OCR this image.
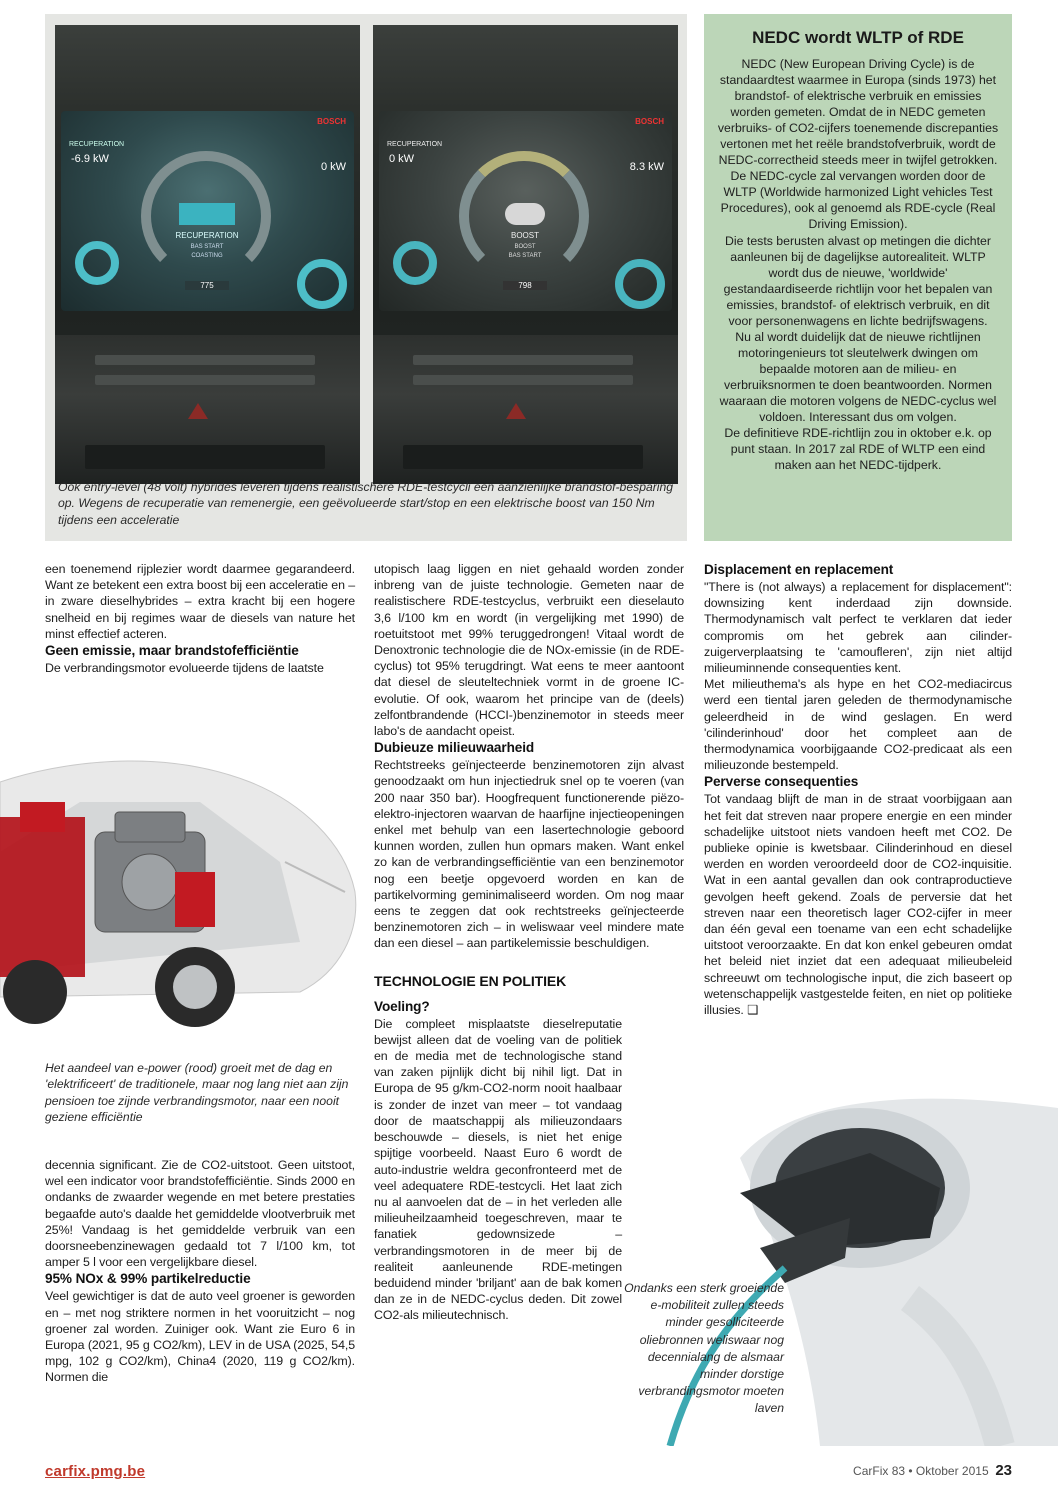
RECUPERATION
-6.9 kW
0 kW
BOSCH
RECUPERATION
BAS START
COASTING
775
RECUPERATION
0 kW
8.3 kW
BOSCH
BOOST
BOOST
BAS START
798
Ook entry-level (48 volt) hybrides leveren tijdens realistischere RDE-testcycli een aanzienlijke brandstof-besparing op. Wegens de recuperatie van remenergie, een geëvolueerde start/stop en een elektrische boost van 150 Nm tijdens een acceleratie
NEDC wordt WLTP of RDE

NEDC (New European Driving Cycle) is de standaardtest waarmee in Europa (sinds 1973) het brandstof- of elektrische verbruik en emissies worden gemeten. Omdat de in NEDC gemeten verbruiks- of CO2-cijfers toenemende discrepanties vertonen met het reële brandstofverbruik, wordt de NEDC-correctheid steeds meer in twijfel getrokken.

De NEDC-cycle zal vervangen worden door de WLTP (Worldwide harmonized Light vehicles Test Procedures), ook al genoemd als RDE-cycle (Real Driving Emission).

Die tests berusten alvast op metingen die dichter aanleunen bij de dagelijkse autorealiteit. WLTP wordt dus de nieuwe, 'worldwide' gestandaardiseerde richtlijn voor het bepalen van emissies, brandstof- of elektrisch verbruik, en dit voor personenwagens en lichte bedrijfswagens.

Nu al wordt duidelijk dat de nieuwe richtlijnen motoringenieurs tot sleutelwerk dwingen om bepaalde motoren aan de milieu- en verbruiksnormen te doen beantwoorden. Normen waaraan die motoren volgens de NEDC-cyclus wel voldoen. Interessant dus om volgen.

De definitieve RDE-richtlijn zou in oktober e.k. op punt staan. In 2017 zal RDE of WLTP een eind maken aan het NEDC-tijdperk.

een toenemend rijplezier wordt daarmee gegarandeerd. Want ze betekent een extra boost bij een acceleratie en – in zware dieselhybrides – extra kracht bij een hogere snelheid en bij regimes waar de diesels van nature het minst effectief acteren.

Geen emissie, maar brandstofefficiëntie

De verbrandingsmotor evolueerde tijdens de laatste

Het aandeel van e-power (rood) groeit met de dag en 'elektrificeert' de traditionele, maar nog lang niet aan zijn pensioen toe zijnde verbrandingsmotor, naar een nooit geziene efficiëntie

decennia significant. Zie de CO2-uitstoot. Geen uitstoot, wel een indicator voor brandstofefficiëntie. Sinds 2000 en ondanks de zwaarder wegende en met betere prestaties begaafde auto's daalde het gemiddelde vlootverbruik met 25%! Vandaag is het gemiddelde verbruik van een doorsneebenzinewagen gedaald tot 7 l/100 km, tot amper 5 l voor een vergelijkbare diesel.

95% NOx & 99% partikelreductie

Veel gewichtiger is dat de auto veel groener is geworden en – met nog striktere normen in het vooruitzicht – nog groener zal worden. Zuiniger ook. Want zie Euro 6 in Europa (2021, 95 g CO2/km), LEV in de USA (2025, 54,5 mpg, 102 g CO2/km), China4 (2020, 119 g CO2/km). Normen die

utopisch laag liggen en niet gehaald worden zonder inbreng van de juiste technologie. Gemeten naar de realistischere RDE-testcyclus, verbruikt een dieselauto 3,6 l/100 km en wordt (in vergelijking met 1990) de roetuitstoot met 99% teruggedrongen! Vitaal wordt de Denoxtronic technologie die de NOx-emissie (in de RDE-cyclus) tot 95% terugdringt. Wat eens te meer aantoont dat diesel de sleuteltechniek vormt in de groene IC-evolutie. Of ook, waarom het principe van de (deels) zelfontbrandende (HCCI-)benzinemotor in steeds meer labo's de aandacht opeist.

Dubieuze milieuwaarheid

Rechtstreeks geïnjecteerde benzinemotoren zijn alvast genoodzaakt om hun injectiedruk snel op te voeren (van 200 naar 350 bar). Hoogfrequent functionerende piëzo-elektro-injectoren waarvan de haarfijne injectieopeningen enkel met behulp van een lasertechnologie geboord kunnen worden, zullen hun opmars maken. Want enkel zo kan de verbrandingsefficiëntie van een benzinemotor nog een beetje opgevoerd worden en kan de partikelvorming geminimaliseerd worden. Om nog maar eens te zeggen dat ook rechtstreeks geïnjecteerde benzinemotoren zich – in weliswaar veel mindere mate dan een diesel – aan partikelemissie beschuldigen.

TECHNOLOGIE EN POLITIEK

Voeling?

Die compleet misplaatste dieselreputatie bewijst alleen dat de voeling van de politiek en de media met de technologische stand van zaken pijnlijk dicht bij nihil ligt. Dat in Europa de 95 g/km-CO2-norm nooit haalbaar is zonder de inzet van meer – tot vandaag door de maatschappij als milieuzondaars beschouwde – diesels, is niet het enige spijtige voorbeeld. Naast Euro 6 wordt de auto-industrie weldra geconfronteerd met de veel adequatere RDE-testcycli. Het laat zich nu al aanvoelen dat de – in het verleden alle milieuheilzaamheid toegeschreven, maar te fanatiek gedownsizede – verbrandingsmotoren in de meer bij de realiteit aanleunende RDE-metingen beduidend minder 'briljant' aan de bak komen dan ze in de NEDC-cyclus deden. Dit zowel CO2-als milieutechnisch.

Displacement en replacement

"There is (not always) a replacement for displacement": downsizing kent inderdaad zijn downside. Thermodynamisch valt perfect te verklaren dat ieder compromis om het gebrek aan cilinder-zuigerverplaatsing te 'camoufleren', zijn niet altijd milieuminnende consequenties kent.

Met milieuthema's als hype en het CO2-mediacircus werd een tiental jaren geleden de thermodynamische geleerdheid in de wind geslagen. En werd 'cilinderinhoud' door het compleet aan de thermodynamica voorbijgaande CO2-predicaat als een milieuzonde bestempeld.

Perverse consequenties

Tot vandaag blijft de man in de straat voorbijgaan aan het feit dat streven naar propere energie en een minder schadelijke uitstoot niets vandoen heeft met CO2. De publieke opinie is kwetsbaar. Cilinderinhoud en diesel werden en worden veroordeeld door de CO2-inquisitie. Wat in een aantal gevallen dan ook contraproductieve gevolgen heeft gekend. Zoals de perversie dat het streven naar een theoretisch lager CO2-cijfer in meer dan één geval een toename van een echt schadelijke uitstoot veroorzaakte. En dat kon enkel gebeuren omdat het beleid niet inziet dat een adequaat milieubeleid schreeuwt om technologische input, die zich baseert op wetenschappelijk vastgestelde feiten, en niet op politieke illusies. ❑

Ondanks een sterk groeiende e-mobiliteit zullen steeds minder gesolliciteerde oliebronnen weliswaar nog decennialang de alsmaar minder dorstige verbrandingsmotor moeten laven
carfix.pmg.be	CarFix 83 • Oktober 2015 23
